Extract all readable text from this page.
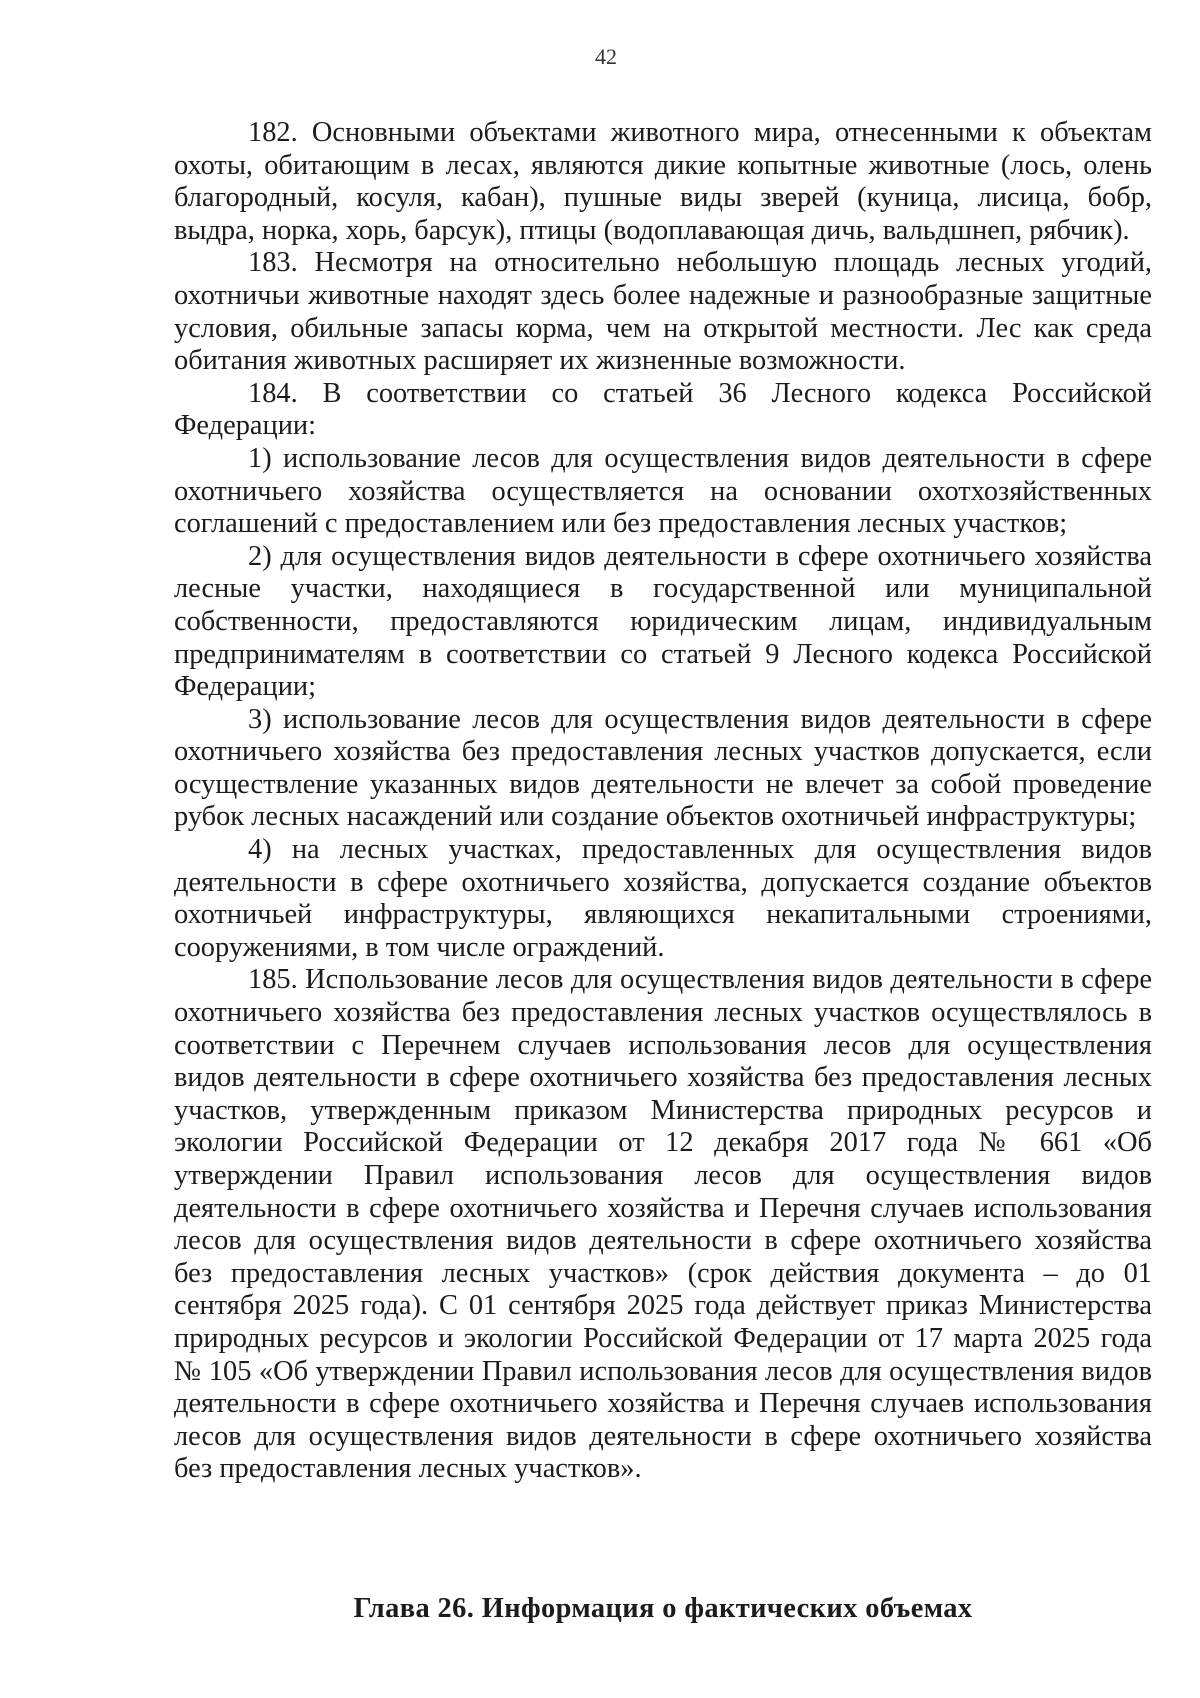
42

182. Основными объектами животного мира, отнесенными к объектам охоты, обитающим в лесах, являются дикие копытные животные (лось, олень благородный, косуля, кабан), пушные виды зверей (куница, лисица, бобр, выдра, норка, хорь, барсук), птицы (водоплавающая дичь, вальдшнеп, рябчик).

183. Несмотря на относительно небольшую площадь лесных угодий, охотничьи животные находят здесь более надежные и разнообразные защитные условия, обильные запасы корма, чем на открытой местности. Лес как среда обитания животных расширяет их жизненные возможности.

184. В соответствии со статьей 36 Лесного кодекса Российской Федерации:

1) использование лесов для осуществления видов деятельности в сфере охотничьего хозяйства осуществляется на основании охотхозяйственных соглашений с предоставлением или без предоставления лесных участков;

2) для осуществления видов деятельности в сфере охотничьего хозяйства лесные участки, находящиеся в государственной или муниципальной собственности, предоставляются юридическим лицам, индивидуальным предпринимателям в соответствии со статьей 9 Лесного кодекса Российской Федерации;

3) использование лесов для осуществления видов деятельности в сфере охотничьего хозяйства без предоставления лесных участков допускается, если осуществление указанных видов деятельности не влечет за собой проведение рубок лесных насаждений или создание объектов охотничьей инфраструктуры;

4) на лесных участках, предоставленных для осуществления видов деятельности в сфере охотничьего хозяйства, допускается создание объектов охотничьей инфраструктуры, являющихся некапитальными строениями, сооружениями, в том числе ограждений.

185. Использование лесов для осуществления видов деятельности в сфере охотничьего хозяйства без предоставления лесных участков осуществлялось в соответствии с Перечнем случаев использования лесов для осуществления видов деятельности в сфере охотничьего хозяйства без предоставления лесных участков, утвержденным приказом Министерства природных ресурсов и экологии Российской Федерации от 12 декабря 2017 года № 661 «Об утверждении Правил использования лесов для осуществления видов деятельности в сфере охотничьего хозяйства и Перечня случаев использования лесов для осуществления видов деятельности в сфере охотничьего хозяйства без предоставления лесных участков» (срок действия документа – до 01 сентября 2025 года). С 01 сентября 2025 года действует приказ Министерства природных ресурсов и экологии Российской Федерации от 17 марта 2025 года № 105 «Об утверждении Правил использования лесов для осуществления видов деятельности в сфере охотничьего хозяйства и Перечня случаев использования лесов для осуществления видов деятельности в сфере охотничьего хозяйства без предоставления лесных участков».

Глава 26. Информация о фактических объемах
